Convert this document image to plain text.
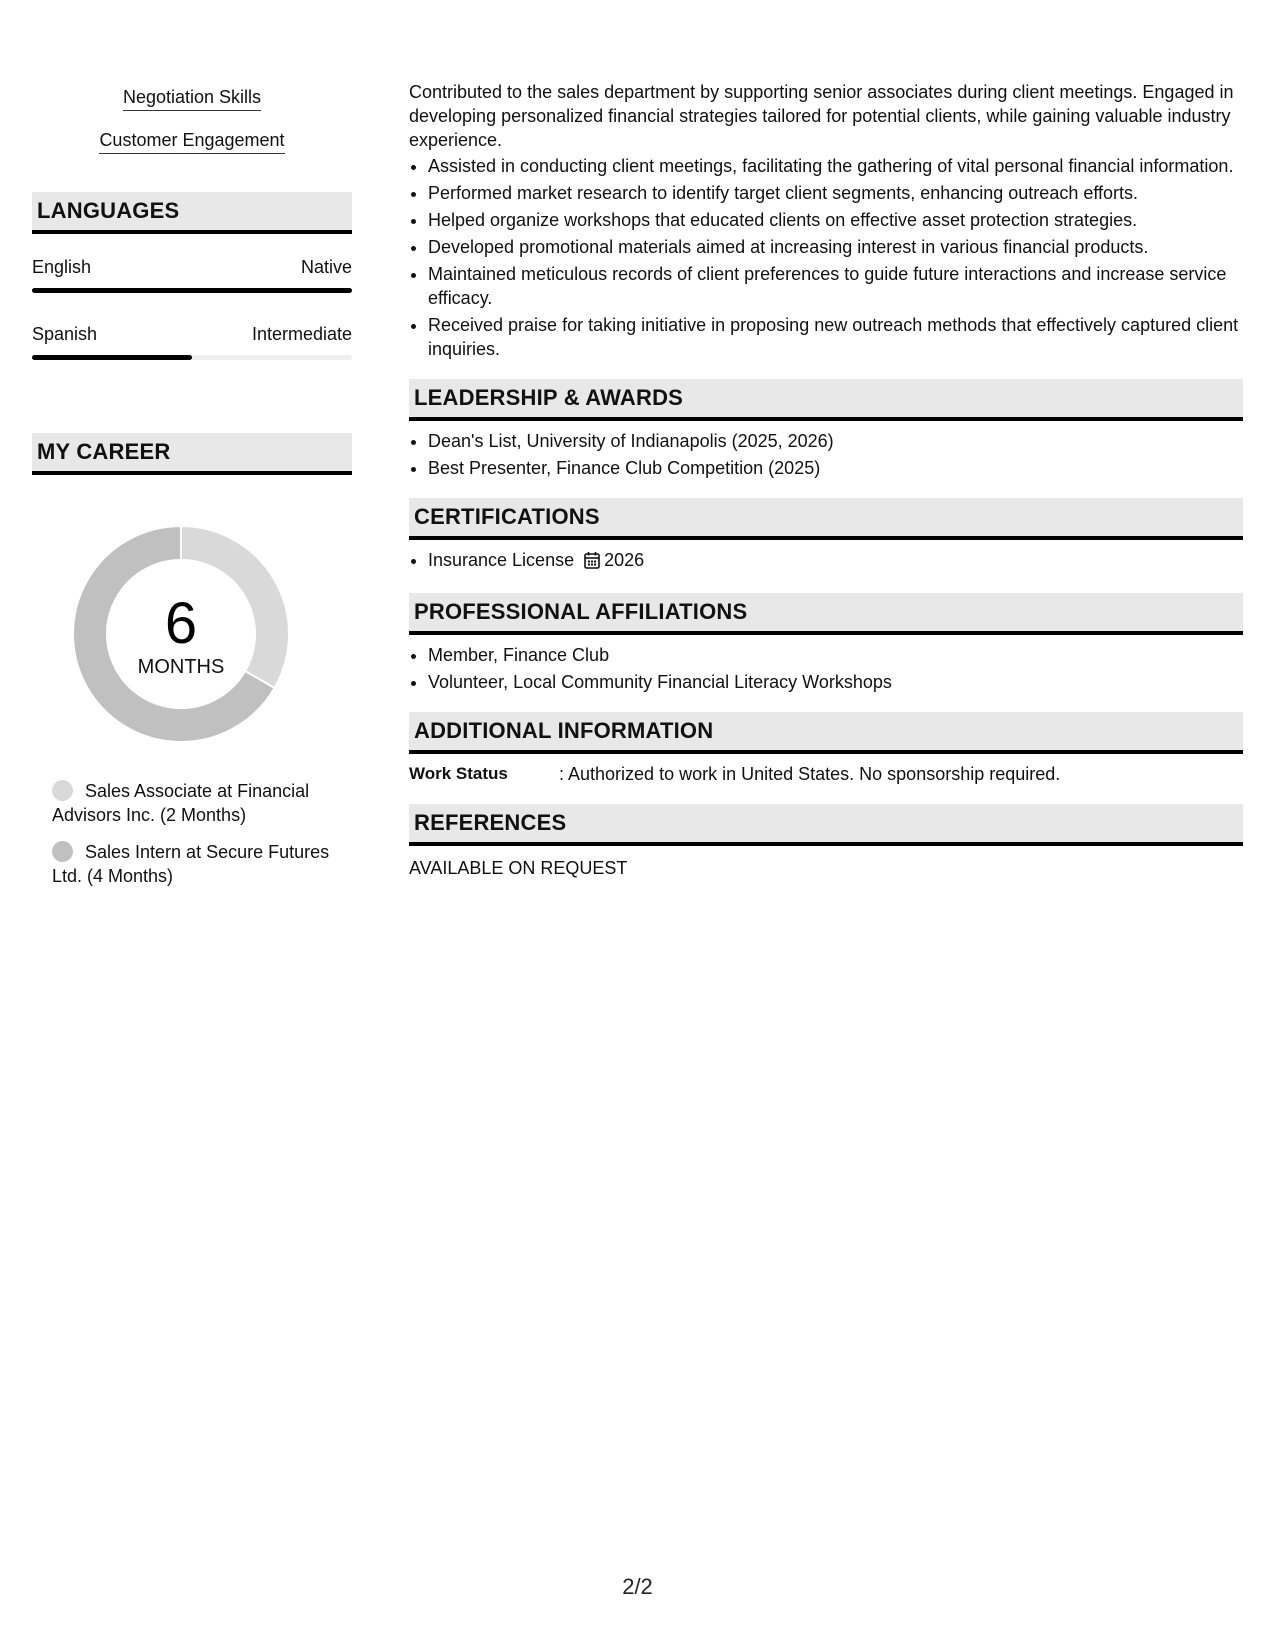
Negotiation Skills
Customer Engagement
LANGUAGES
English	Native
Spanish	Intermediate
MY CAREER
6
MONTHS
Sales Associate at Financial Advisors Inc. (2 Months)
Sales Intern at Secure Futures Ltd. (4 Months)
Contributed to the sales department by supporting senior associates during client meetings. Engaged in developing personalized financial strategies tailored for potential clients, while gaining valuable industry experience.
• Assisted in conducting client meetings, facilitating the gathering of vital personal financial information.
• Performed market research to identify target client segments, enhancing outreach efforts.
• Helped organize workshops that educated clients on effective asset protection strategies.
• Developed promotional materials aimed at increasing interest in various financial products.
• Maintained meticulous records of client preferences to guide future interactions and increase service efficacy.
• Received praise for taking initiative in proposing new outreach methods that effectively captured client inquiries.
LEADERSHIP & AWARDS
• Dean's List, University of Indianapolis (2025, 2026)
• Best Presenter, Finance Club Competition (2025)
CERTIFICATIONS
• Insurance License 2026
PROFESSIONAL AFFILIATIONS
• Member, Finance Club
• Volunteer, Local Community Financial Literacy Workshops
ADDITIONAL INFORMATION
Work Status	: Authorized to work in United States. No sponsorship required.
REFERENCES
AVAILABLE ON REQUEST
2/2
